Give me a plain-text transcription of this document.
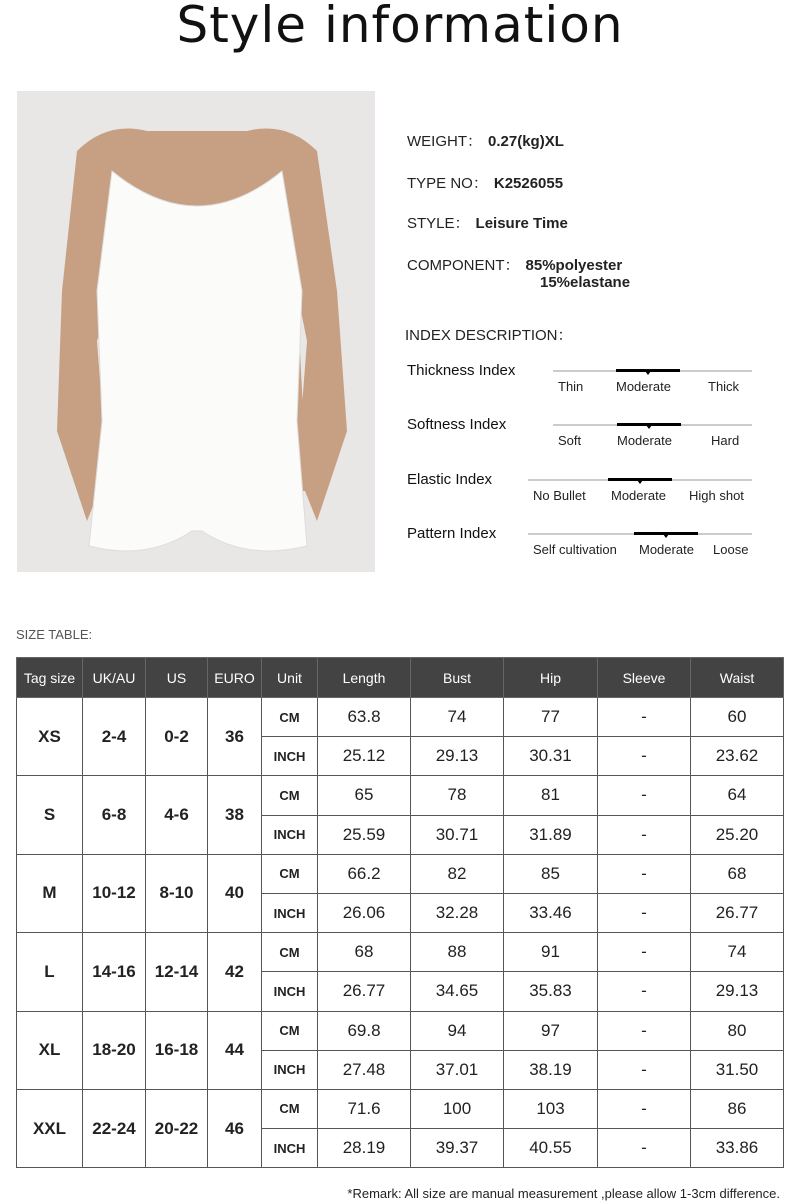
Style information
WEIGHT： 0.27(kg)XL
TYPE NO： K2526055
STYLE： Leisure Time
COMPONENT： 85%polyester
15%elastane
INDEX DESCRIPTION：
Thickness Index
Thin	Moderate	Thick
Softness Index
Soft	Moderate	Hard
Elastic Index
No Bullet Moderate High shot
Pattern Index
Self cultivation Moderate Loose
SIZE TABLE:
Tag size	UK/AU	US	EURO	Unit	Length	Bust	Hip	Sleeve	Waist
XS	2-4	0-2	36	CM	63.8	74	77	-	60
				INCH	25.12	29.13	30.31	-	23.62
S	6-8	4-6	38	CM	65	78	81	-	64
				INCH	25.59	30.71	31.89	-	25.20
M	10-12	8-10	40	CM	66.2	82	85	-	68
				INCH	26.06	32.28	33.46	-	26.77
L	14-16	12-14	42	CM	68	88	91	-	74
				INCH	26.77	34.65	35.83	-	29.13
XL	18-20	16-18	44	CM	69.8	94	97	-	80
				INCH	27.48	37.01	38.19	-	31.50
XXL	22-24	20-22	46	CM	71.6	100	103	-	86
				INCH	28.19	39.37	40.55	-	33.86
*Remark: All size are manual measurement ,please allow 1-3cm difference.
